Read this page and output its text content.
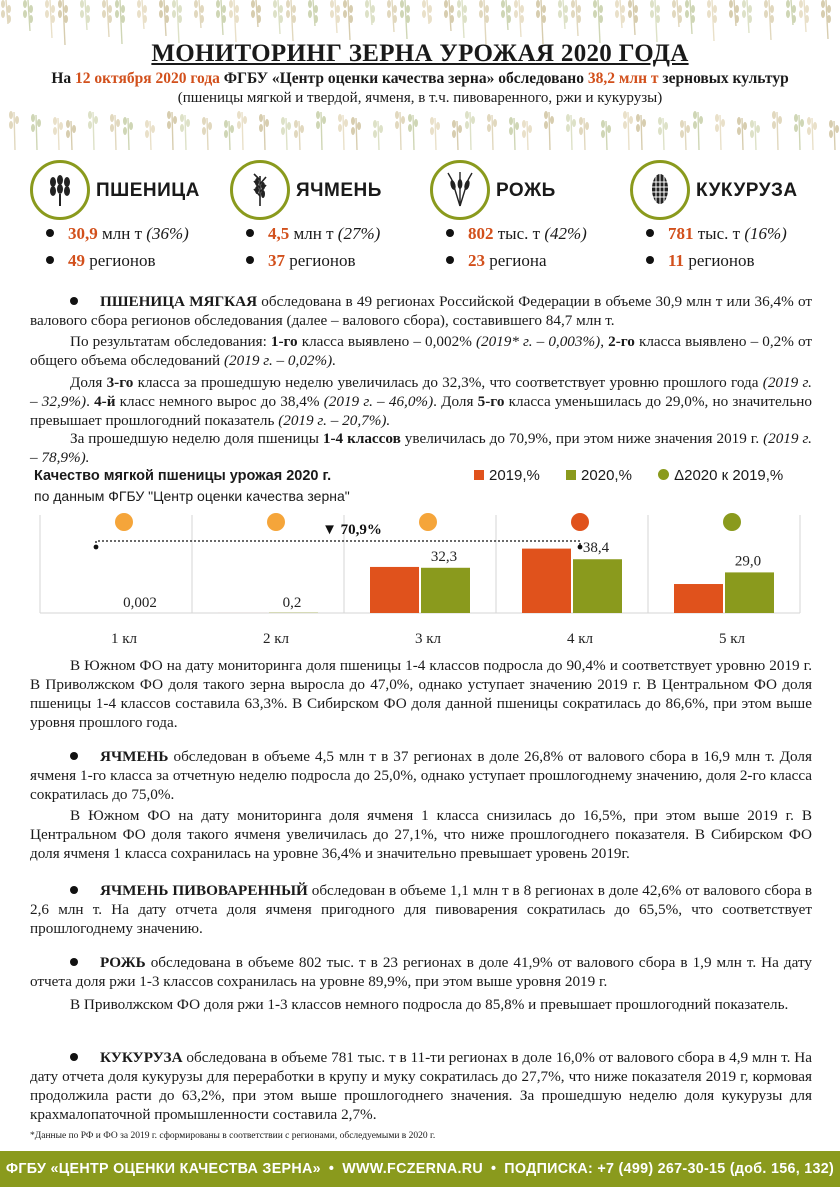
МОНИТОРИНГ ЗЕРНА УРОЖАЯ 2020 ГОДА
На 12 октября 2020 года ФГБУ «Центр оценки качества зерна» обследовано 38,2 млн т зерновых культур
(пшеницы мягкой и твердой, ячменя, в т.ч. пивоваренного, ржи и кукурузы)
ПШЕНИЦА
30,9 млн т (36%)
49 регионов
ЯЧМЕНЬ
4,5 млн т (27%)
37 регионов
РОЖЬ
802 тыс. т (42%)
23 региона
КУКУРУЗА
781 тыс. т (16%)
11 регионов
ПШЕНИЦА МЯГКАЯ обследована в 49 регионах Российской Федерации в объеме 30,9 млн т или 36,4% от валового сбора регионов обследования (далее – валового сбора), составившего 84,7 млн т.
По результатам обследования: 1-го класса выявлено – 0,002% (2019* г. – 0,003%), 2-го класса выявлено – 0,2% от общего объема обследований (2019 г. – 0,02%).
Доля 3-го класса за прошедшую неделю увеличилась до 32,3%, что соответствует уровню прошлого года (2019 г. – 32,9%). 4-й класс немного вырос до 38,4% (2019 г. – 46,0%). Доля 5-го класса уменьшилась до 29,0%, но значительно превышает прошлогодний показатель (2019 г. – 20,7%).
За прошедшую неделю доля пшеницы 1-4 классов увеличилась до 70,9%, при этом ниже значения 2019 г. (2019 г. – 78,9%).
Качество мягкой пшеницы урожая 2020 г.
по данным ФГБУ "Центр оценки качества зерна"
2019,%	2020,%	Δ2020 к 2019,%
0,002
1 кл
0,2
2 кл
32,3
3 кл
38,4
4 кл
29,0
5 кл
▼ 70,9%
В Южном ФО на дату мониторинга доля пшеницы 1-4 классов подросла до 90,4% и соответствует уровню 2019 г. В Приволжском ФО доля такого зерна выросла до 47,0%, однако уступает значению 2019 г. В Центральном ФО доля пшеницы 1-4 классов составила 63,3%. В Сибирском ФО доля данной пшеницы сократилась до 86,6%, при этом выше уровня прошлого года.
ЯЧМЕНЬ обследован в объеме 4,5 млн т в 37 регионах в доле 26,8% от валового сбора в 16,9 млн т. Доля ячменя 1-го класса за отчетную неделю подросла до 25,0%, однако уступает прошлогоднему значению, доля 2-го класса сократилась до 75,0%.
В Южном ФО на дату мониторинга доля ячменя 1 класса снизилась до 16,5%, при этом выше 2019 г. В Центральном ФО доля такого ячменя увеличилась до 27,1%, что ниже прошлогоднего показателя. В Сибирском ФО доля ячменя 1 класса сохранилась на уровне 36,4% и значительно превышает уровень 2019г.
ЯЧМЕНЬ ПИВОВАРЕННЫЙ обследован в объеме 1,1 млн т в 8 регионах в доле 42,6% от валового сбора в 2,6 млн т. На дату отчета доля ячменя пригодного для пивоварения сократилась до 65,5%, что соответствует прошлогоднему значению.
РОЖЬ обследована в объеме 802 тыс. т в 23 регионах в доле 41,9% от валового сбора в 1,9 млн т. На дату отчета доля ржи 1-3 классов сохранилась на уровне 89,9%, при этом выше уровня 2019 г.
В Приволжском ФО доля ржи 1-3 классов немного подросла до 85,8% и превышает прошлогодний показатель.
КУКУРУЗА обследована в объеме 781 тыс. т в 11-ти регионах в доле 16,0% от валового сбора в 4,9 млн т. На дату отчета доля кукурузы для переработки в крупу и муку сократилась до 27,7%, что ниже показателя 2019 г, кормовая продолжила расти до 63,2%, при этом выше прошлогоднего значения. За прошедшую неделю доля кукурузы для крахмалопаточной промышленности составила 2,7%.
*Данные по РФ и ФО за 2019 г. сформированы в соответствии с регионами, обследуемыми в 2020 г.
ФГБУ «ЦЕНТР ОЦЕНКИ КАЧЕСТВА ЗЕРНА» • WWW.FCZERNA.RU • ПОДПИСКА: +7 (499) 267-30-15 (доб. 156, 132)
